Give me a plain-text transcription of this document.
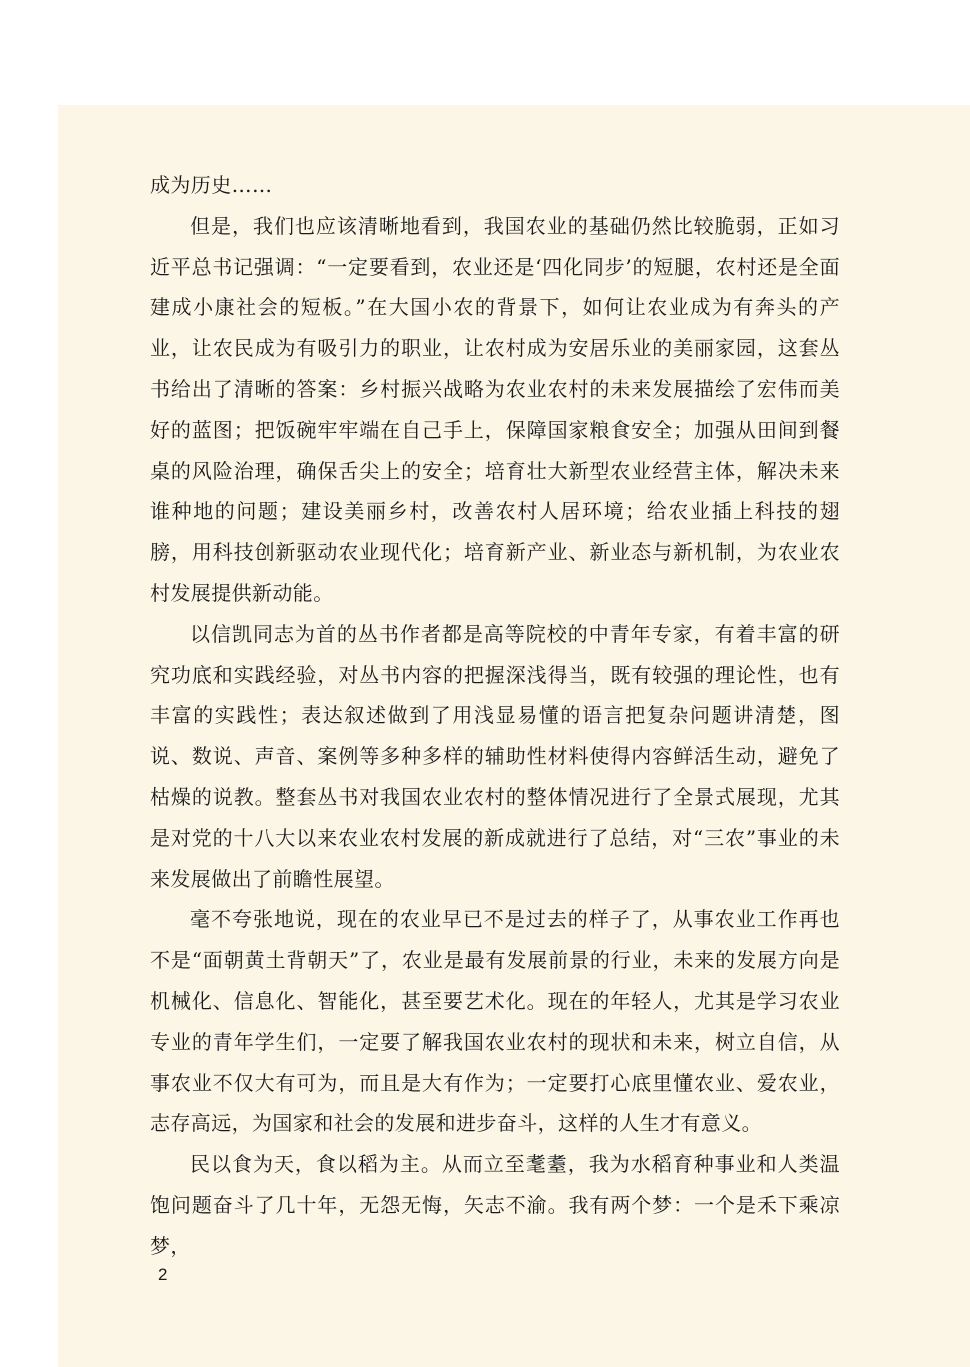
成为历史……

但是，我们也应该清晰地看到，我国农业的基础仍然比较脆弱，正如习近平总书记强调：“一定要看到，农业还是‘四化同步’的短腿，农村还是全面建成小康社会的短板。”在大国小农的背景下，如何让农业成为有奔头的产业，让农民成为有吸引力的职业，让农村成为安居乐业的美丽家园，这套丛书给出了清晰的答案：乡村振兴战略为农业农村的未来发展描绘了宏伟而美好的蓝图；把饭碗牢牢端在自己手上，保障国家粮食安全；加强从田间到餐桌的风险治理，确保舌尖上的安全；培育壮大新型农业经营主体，解决未来谁种地的问题；建设美丽乡村，改善农村人居环境；给农业插上科技的翅膀，用科技创新驱动农业现代化；培育新产业、新业态与新机制，为农业农村发展提供新动能。

以信凯同志为首的丛书作者都是高等院校的中青年专家，有着丰富的研究功底和实践经验，对丛书内容的把握深浅得当，既有较强的理论性，也有丰富的实践性；表达叙述做到了用浅显易懂的语言把复杂问题讲清楚，图说、数说、声音、案例等多种多样的辅助性材料使得内容鲜活生动，避免了枯燥的说教。整套丛书对我国农业农村的整体情况进行了全景式展现，尤其是对党的十八大以来农业农村发展的新成就进行了总结，对“三农”事业的未来发展做出了前瞻性展望。

毫不夸张地说，现在的农业早已不是过去的样子了，从事农业工作再也不是“面朝黄土背朝天”了，农业是最有发展前景的行业，未来的发展方向是机械化、信息化、智能化，甚至要艺术化。现在的年轻人，尤其是学习农业专业的青年学生们，一定要了解我国农业农村的现状和未来，树立自信，从事农业不仅大有可为，而且是大有作为；一定要打心底里懂农业、爱农业，志存高远，为国家和社会的发展和进步奋斗，这样的人生才有意义。

民以食为天，食以稻为主。从而立至耄耋，我为水稻育种事业和人类温饱问题奋斗了几十年，无怨无悔，矢志不渝。我有两个梦：一个是禾下乘凉梦，

2
